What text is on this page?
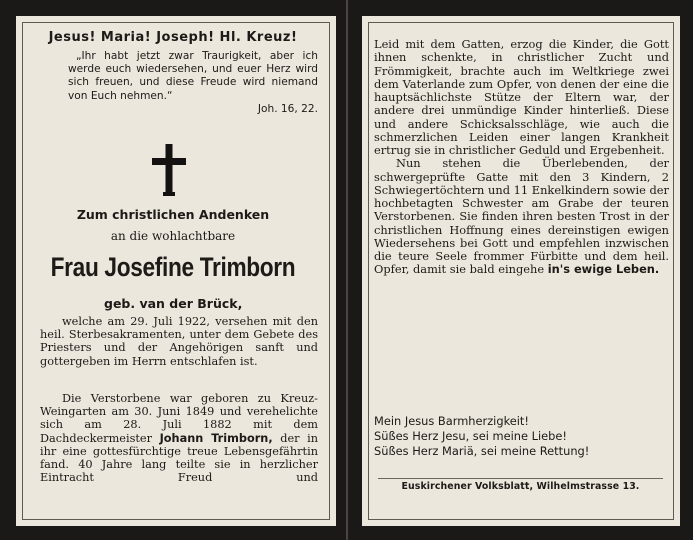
Jesus! Maria! Joseph! Hl. Kreuz!

„Ihr habt jetzt zwar Traurigkeit, aber ich werde euch wiedersehen, und euer Herz wird sich freuen, und diese Freude wird niemand von Euch nehmen.“

Joh. 16, 22.
Zum christlichen Andenken
an die wohlachtbare
Frau Josefine Trimborn
geb. van der Brück,

welche am 29. Juli 1922, versehen mit den heil. Sterbesakramenten, unter dem Gebete des Priesters und der Angehörigen sanft und gottergeben im Herrn entschlafen ist.

Die Verstorbene war geboren zu Kreuz-Weingarten am 30. Juni 1849 und verehelichte sich am 28. Juli 1882 mit dem Dachdeckermeister Johann Trimborn, der in ihr eine gottesfürchtige treue Lebensgefährtin fand. 40 Jahre lang teilte sie in herzlicher Eintracht Freud und

Leid mit dem Gatten, erzog die Kinder, die Gott ihnen schenkte, in christlicher Zucht und Frömmigkeit, brachte auch im Weltkriege zwei dem Vaterlande zum Opfer, von denen der eine die hauptsächlichste Stütze der Eltern war, der andere drei unmündige Kinder hinterließ. Diese und andere Schicksalsschläge, wie auch die schmerzlichen Leiden einer langen Krankheit ertrug sie in christlicher Geduld und Ergebenheit.

Nun stehen die Überlebenden, der schwergeprüfte Gatte mit den 3 Kindern, 2 Schwiegertöchtern und 11 Enkelkindern sowie der hochbetagten Schwester am Grabe der teuren Verstorbenen. Sie finden ihren besten Trost in der christlichen Hoffnung eines dereinstigen ewigen Wiedersehens bei Gott und empfehlen inzwischen die teure Seele frommer Fürbitte und dem heil. Opfer, damit sie bald eingehe in's ewige Leben.

Mein Jesus Barmherzigkeit!
Süßes Herz Jesu, sei meine Liebe!
Süßes Herz Mariä, sei meine Rettung!
Euskirchener Volksblatt, Wilhelmstrasse 13.
